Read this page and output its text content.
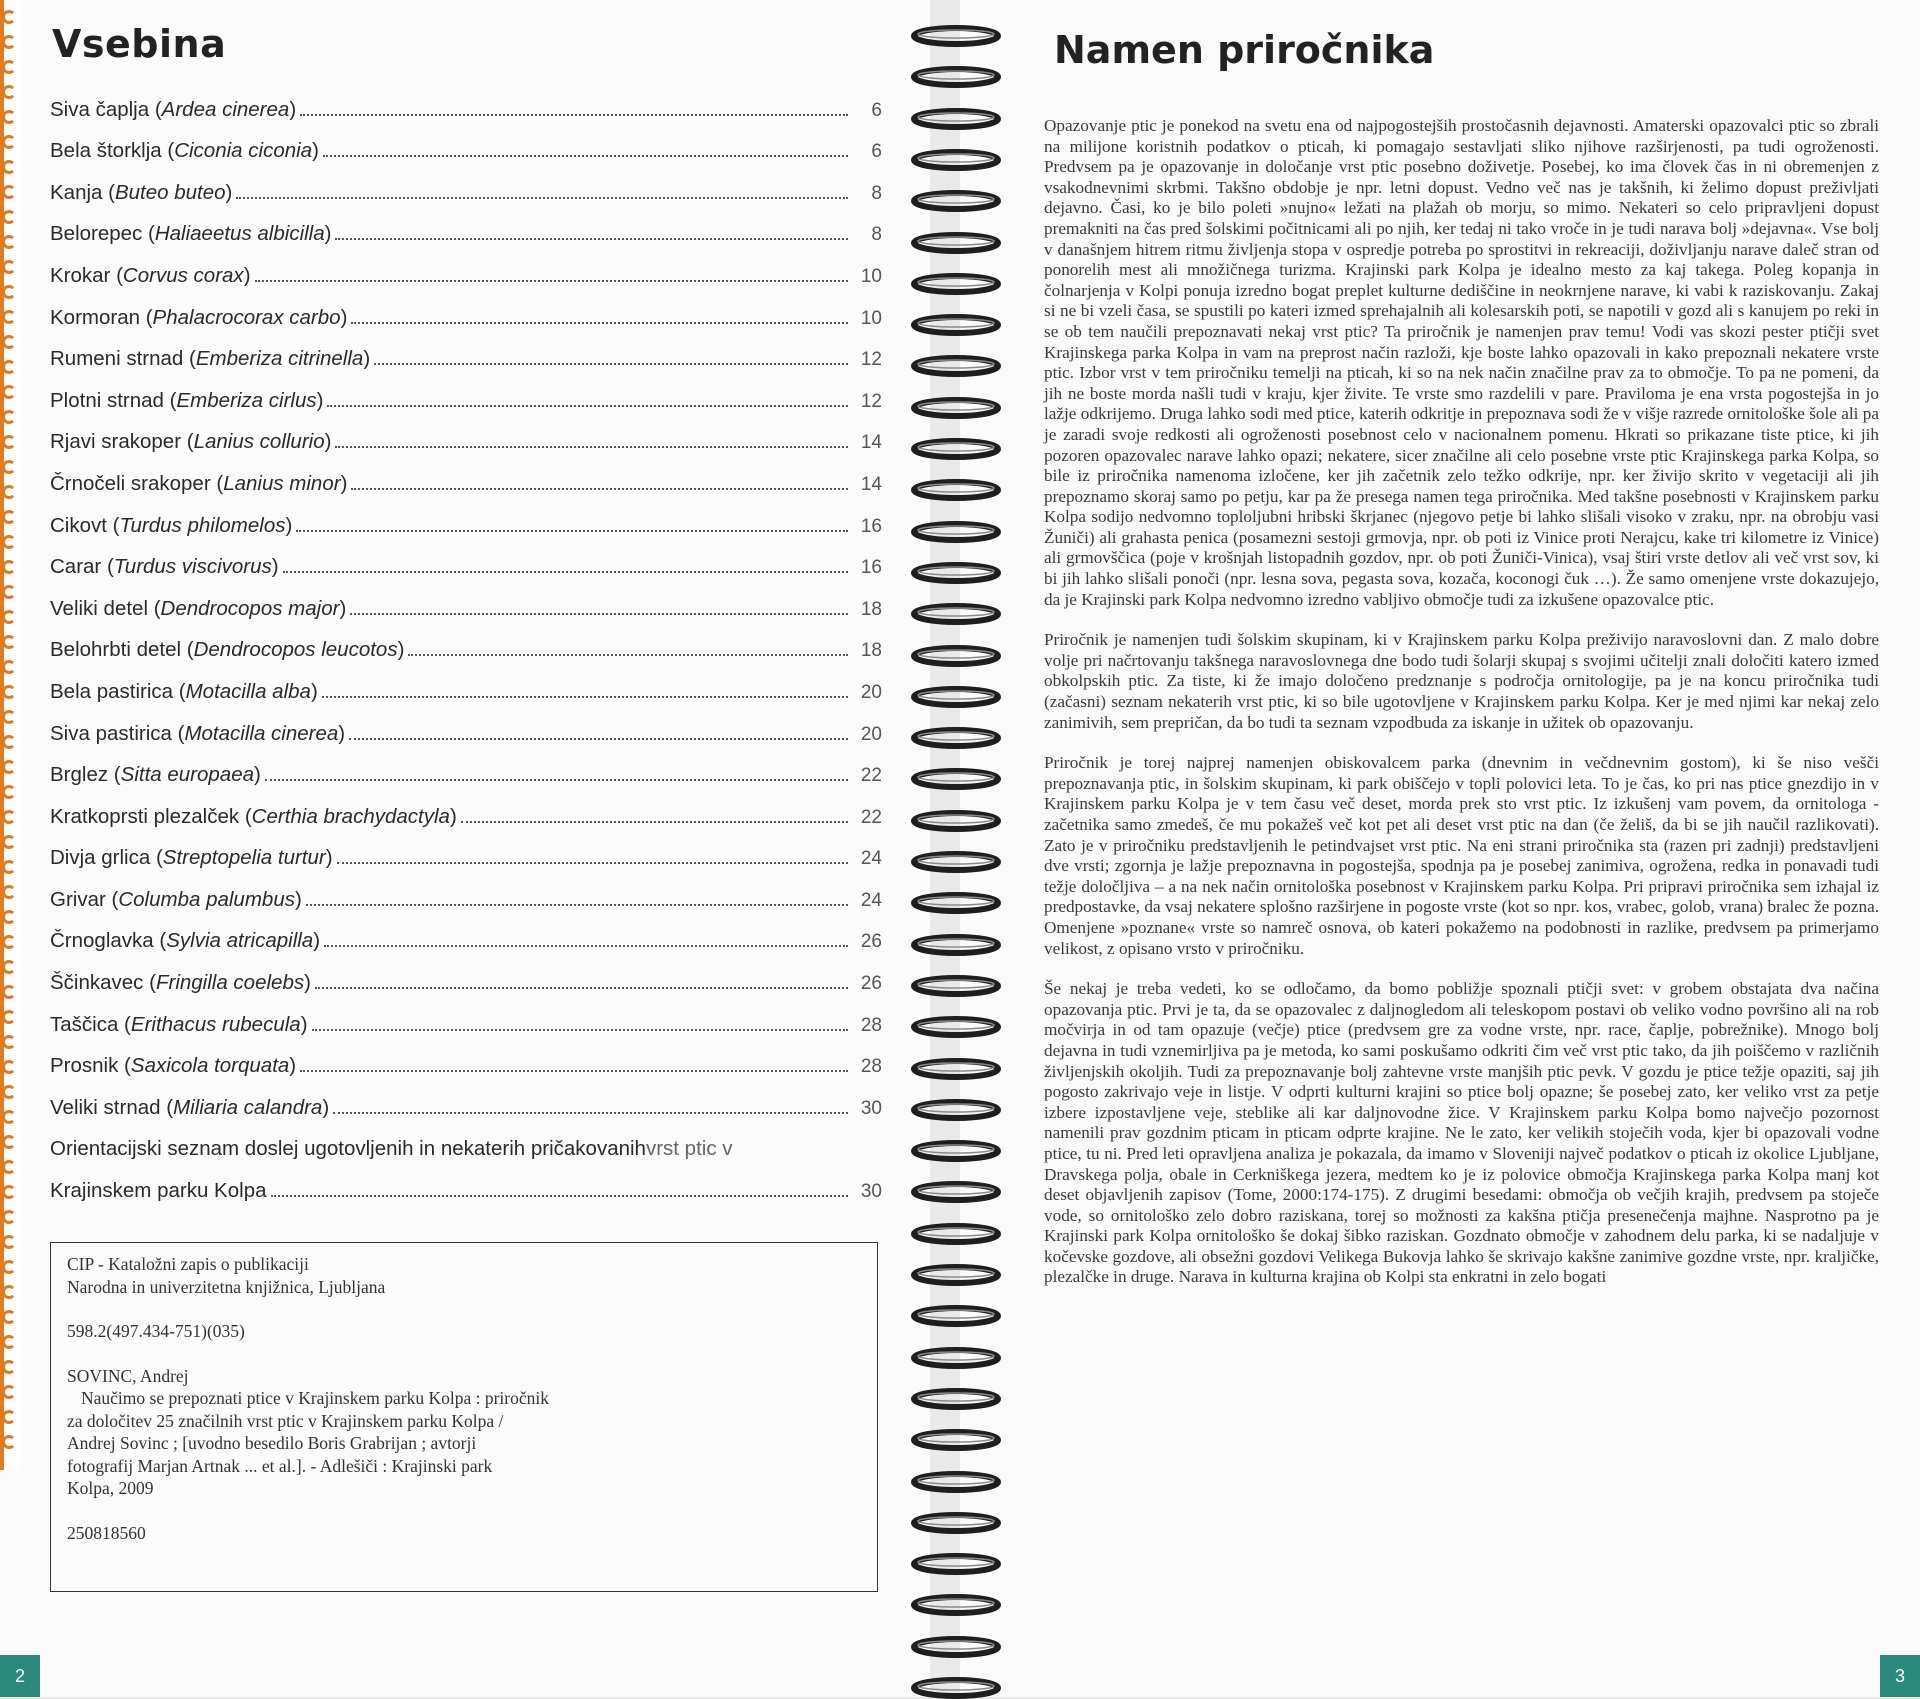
Vsebina
Siva čaplja (Ardea cinerea)	6
Bela štorklja (Ciconia ciconia)	6
Kanja (Buteo buteo)	8
Belorepec (Haliaeetus albicilla)	8
Krokar (Corvus corax)	10
Kormoran (Phalacrocorax carbo)	10
Rumeni strnad (Emberiza citrinella)	12
Plotni strnad (Emberiza cirlus)	12
Rjavi srakoper (Lanius collurio)	14
Črnočeli srakoper (Lanius minor)	14
Cikovt (Turdus philomelos)	16
Carar (Turdus viscivorus)	16
Veliki detel (Dendrocopos major)	18
Belohrbti detel (Dendrocopos leucotos)	18
Bela pastirica (Motacilla alba)	20
Siva pastirica (Motacilla cinerea)	20
Brglez (Sitta europaea)	22
Kratkoprsti plezalček (Certhia brachydactyla)	22
Divja grlica (Streptopelia turtur)	24
Grivar (Columba palumbus)	24
Črnoglavka (Sylvia atricapilla)	26
Ščinkavec (Fringilla coelebs)	26
Taščica (Erithacus rubecula)	28
Prosnik (Saxicola torquata)	28
Veliki strnad (Miliaria calandra)	30
Orientacijski seznam doslej ugotovljenih in nekaterih pričakovanih vrst ptic v
Krajinskem parku Kolpa	30

CIP - Kataložni zapis o publikaciji
Narodna in univerzitetna knjižnica, Ljubljana

598.2(497.434-751)(035)

SOVINC, Andrej
Naučimo se prepoznati ptice v Krajinskem parku Kolpa : priročnik
za določitev 25 značilnih vrst ptic v Krajinskem parku Kolpa /
Andrej Sovinc ; [uvodno besedilo Boris Grabrijan ; avtorji
fotografij Marjan Artnak ... et al.]. - Adlešiči : Krajinski park
Kolpa, 2009

250818560

2
Namen priročnika

Opazovanje ptic je ponekod na svetu ena od najpogostejših prostočasnih dejavnosti. Amaterski opazovalci ptic so zbrali na milijone koristnih podatkov o pticah, ki pomagajo sestavljati sliko njihove razširjenosti, pa tudi ogroženosti. Predvsem pa je opazovanje in določanje vrst ptic posebno doživetje. Posebej, ko ima človek čas in ni obremenjen z vsakodnevnimi skrbmi. Takšno obdobje je npr. letni dopust. Vedno več nas je takšnih, ki želimo dopust preživljati dejavno. Časi, ko je bilo poleti »nujno« ležati na plažah ob morju, so mimo. Nekateri so celo pripravljeni dopust premakniti na čas pred šolskimi počitnicami ali po njih, ker tedaj ni tako vroče in je tudi narava bolj »dejavna«. Vse bolj v današnjem hitrem ritmu življenja stopa v ospredje potreba po sprostitvi in rekreaciji, doživljanju narave daleč stran od ponorelih mest ali množičnega turizma. Krajinski park Kolpa je idealno mesto za kaj takega. Poleg kopanja in čolnarjenja v Kolpi ponuja izredno bogat preplet kulturne dediščine in neokrnjene narave, ki vabi k raziskovanju. Zakaj si ne bi vzeli časa, se spustili po kateri izmed sprehajalnih ali kolesarskih poti, se napotili v gozd ali s kanujem po reki in se ob tem naučili prepoznavati nekaj vrst ptic? Ta priročnik je namenjen prav temu! Vodi vas skozi pester ptičji svet Krajinskega parka Kolpa in vam na preprost način razloži, kje boste lahko opazovali in kako prepoznali nekatere vrste ptic. Izbor vrst v tem priročniku temelji na pticah, ki so na nek način značilne prav za to območje. To pa ne pomeni, da jih ne boste morda našli tudi v kraju, kjer živite. Te vrste smo razdelili v pare. Praviloma je ena vrsta pogostejša in jo lažje odkrijemo. Druga lahko sodi med ptice, katerih odkritje in prepoznava sodi že v višje razrede ornitološke šole ali pa je zaradi svoje redkosti ali ogroženosti posebnost celo v nacionalnem pomenu. Hkrati so prikazane tiste ptice, ki jih pozoren opazovalec narave lahko opazi; nekatere, sicer značilne ali celo posebne vrste ptic Krajinskega parka Kolpa, so bile iz priročnika namenoma izločene, ker jih začetnik zelo težko odkrije, npr. ker živijo skrito v vegetaciji ali jih prepoznamo skoraj samo po petju, kar pa že presega namen tega priročnika. Med takšne posebnosti v Krajinskem parku Kolpa sodijo nedvomno toploljubni hribski škrjanec (njegovo petje bi lahko slišali visoko v zraku, npr. na obrobju vasi Žuniči) ali grahasta penica (posamezni sestoji grmovja, npr. ob poti iz Vinice proti Nerajcu, kake tri kilometre iz Vinice) ali grmovščica (poje v krošnjah listopadnih gozdov, npr. ob poti Žuniči-Vinica), vsaj štiri vrste detlov ali več vrst sov, ki bi jih lahko slišali ponoči (npr. lesna sova, pegasta sova, kozača, koconogi čuk …). Že samo omenjene vrste dokazujejo, da je Krajinski park Kolpa nedvomno izredno vabljivo območje tudi za izkušene opazovalce ptic.

Priročnik je namenjen tudi šolskim skupinam, ki v Krajinskem parku Kolpa preživijo naravoslovni dan. Z malo dobre volje pri načrtovanju takšnega naravoslovnega dne bodo tudi šolarji skupaj s svojimi učitelji znali določiti katero izmed obkolpskih ptic. Za tiste, ki že imajo določeno predznanje s področja ornitologije, pa je na koncu priročnika tudi (začasni) seznam nekaterih vrst ptic, ki so bile ugotovljene v Krajinskem parku Kolpa. Ker je med njimi kar nekaj zelo zanimivih, sem prepričan, da bo tudi ta seznam vzpodbuda za iskanje in užitek ob opazovanju.

Priročnik je torej najprej namenjen obiskovalcem parka (dnevnim in večdnevnim gostom), ki še niso vešči prepoznavanja ptic, in šolskim skupinam, ki park obiščejo v topli polovici leta. To je čas, ko pri nas ptice gnezdijo in v Krajinskem parku Kolpa je v tem času več deset, morda prek sto vrst ptic. Iz izkušenj vam povem, da ornitologa - začetnika samo zmedeš, če mu pokažeš več kot pet ali deset vrst ptic na dan (če želiš, da bi se jih naučil razlikovati). Zato je v priročniku predstavljenih le petindvajset vrst ptic. Na eni strani priročnika sta (razen pri zadnji) predstavljeni dve vrsti; zgornja je lažje prepoznavna in pogostejša, spodnja pa je posebej zanimiva, ogrožena, redka in ponavadi tudi težje določljiva – a na nek način ornitološka posebnost v Krajinskem parku Kolpa. Pri pripravi priročnika sem izhajal iz predpostavke, da vsaj nekatere splošno razširjene in pogoste vrste (kot so npr. kos, vrabec, golob, vrana) bralec že pozna. Omenjene »poznane« vrste so namreč osnova, ob kateri pokažemo na podobnosti in razlike, predvsem pa primerjamo velikost, z opisano vrsto v priročniku.

Še nekaj je treba vedeti, ko se odločamo, da bomo pobližje spoznali ptičji svet: v grobem obstajata dva načina opazovanja ptic. Prvi je ta, da se opazovalec z daljnogledom ali teleskopom postavi ob veliko vodno površino ali na rob močvirja in od tam opazuje (večje) ptice (predvsem gre za vodne vrste, npr. race, čaplje, pobrežnike). Mnogo bolj dejavna in tudi vznemirljiva pa je metoda, ko sami poskušamo odkriti čim več vrst ptic tako, da jih poiščemo v različnih življenjskih okoljih. Tudi za prepoznavanje bolj zahtevne vrste manjših ptic pevk. V gozdu je ptice težje opaziti, saj jih pogosto zakrivajo veje in listje. V odprti kulturni krajini so ptice bolj opazne; še posebej zato, ker veliko vrst za petje izbere izpostavljene veje, steblike ali kar daljnovodne žice. V Krajinskem parku Kolpa bomo največjo pozornost namenili prav gozdnim pticam in pticam odprte krajine. Ne le zato, ker velikih stoječih voda, kjer bi opazovali vodne ptice, tu ni. Pred leti opravljena analiza je pokazala, da imamo v Sloveniji največ podatkov o pticah iz okolice Ljubljane, Dravskega polja, obale in Cerkniškega jezera, medtem ko je iz polovice območja Krajinskega parka Kolpa manj kot deset objavljenih zapisov (Tome, 2000:174-175). Z drugimi besedami: območja ob večjih krajih, predvsem pa stoječe vode, so ornitološko zelo dobro raziskana, torej so možnosti za kakšna ptičja presenečenja majhne. Nasprotno pa je Krajinski park Kolpa ornitološko še dokaj šibko raziskan. Gozdnato območje v zahodnem delu parka, ki se nadaljuje v kočevske gozdove, ali obsežni gozdovi Velikega Bukovja lahko še skrivajo kakšne zanimive gozdne vrste, npr. kraljičke, plezalčke in druge. Narava in kulturna krajina ob Kolpi sta enkratni in zelo bogati

3
